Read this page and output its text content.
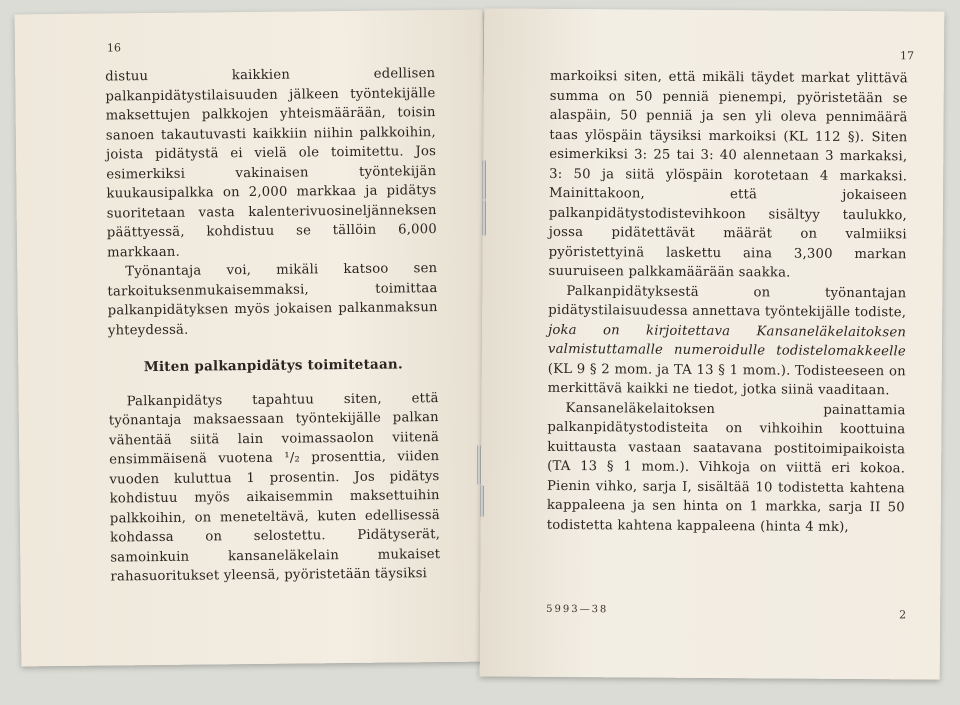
16

distuu kaikkien edellisen palkanpidätystilaisuuden jälkeen työntekijälle maksettujen palkkojen yhteismäärään, toisin sanoen takautuvasti kaikkiin niihin palkkoihin, joista pidätystä ei vielä ole toimitettu. Jos esimerkiksi vakinaisen työntekijän kuukausipalkka on 2,000 markkaa ja pidätys suoritetaan vasta kalenterivuosineljänneksen päättyessä, kohdistuu se tällöin 6,000 markkaan.

Työnantaja voi, mikäli katsoo sen tarkoituksenmukaisemmaksi, toimittaa palkanpidätyksen myös jokaisen palkanmaksun yhteydessä.

Miten palkanpidätys toimitetaan.

Palkanpidätys tapahtuu siten, että työnantaja maksaessaan työntekijälle palkan vähentää siitä lain voimassaolon viitenä ensimmäisenä vuotena ¹/₂ prosenttia, viiden vuoden kuluttua 1 prosentin. Jos pidätys kohdistuu myös aikaisemmin maksettuihin palkkoihin, on meneteltävä, kuten edellisessä kohdassa on selostettu. Pidätyserät, samoinkuin kansaneläkelain mukaiset rahasuoritukset yleensä, pyöristetään täysiksi

17

markoiksi siten, että mikäli täydet markat ylittävä summa on 50 penniä pienempi, pyöristetään se alaspäin, 50 penniä ja sen yli oleva pennimäärä taas ylöspäin täysiksi markoiksi (KL 112 §). Siten esimerkiksi 3: 25 tai 3: 40 alennetaan 3 markaksi, 3: 50 ja siitä ylöspäin korotetaan 4 markaksi. Mainittakoon, että jokaiseen palkanpidätystodistevihkoon sisältyy taulukko, jossa pidätettävät määrät on valmiiksi pyöristettyinä laskettu aina 3,300 markan suuruiseen palkkamäärään saakka.

Palkanpidätyksestä on työnantajan pidätystilaisuudessa annettava työntekijälle todiste, joka on kirjoitettava Kansaneläkelaitoksen valmistuttamalle numeroidulle todistelomakkeelle (KL 9 § 2 mom. ja TA 13 § 1 mom.). Todisteeseen on merkittävä kaikki ne tiedot, jotka siinä vaaditaan.

Kansaneläkelaitoksen painattamia palkanpidätystodisteita on vihkoihin koottuina kuittausta vastaan saatavana postitoimipaikoista (TA 13 § 1 mom.). Vihkoja on viittä eri kokoa. Pienin vihko, sarja I, sisältää 10 todistetta kahtena kappaleena ja sen hinta on 1 markka, sarja II 50 todistetta kahtena kappaleena (hinta 4 mk),

5993—38	2
